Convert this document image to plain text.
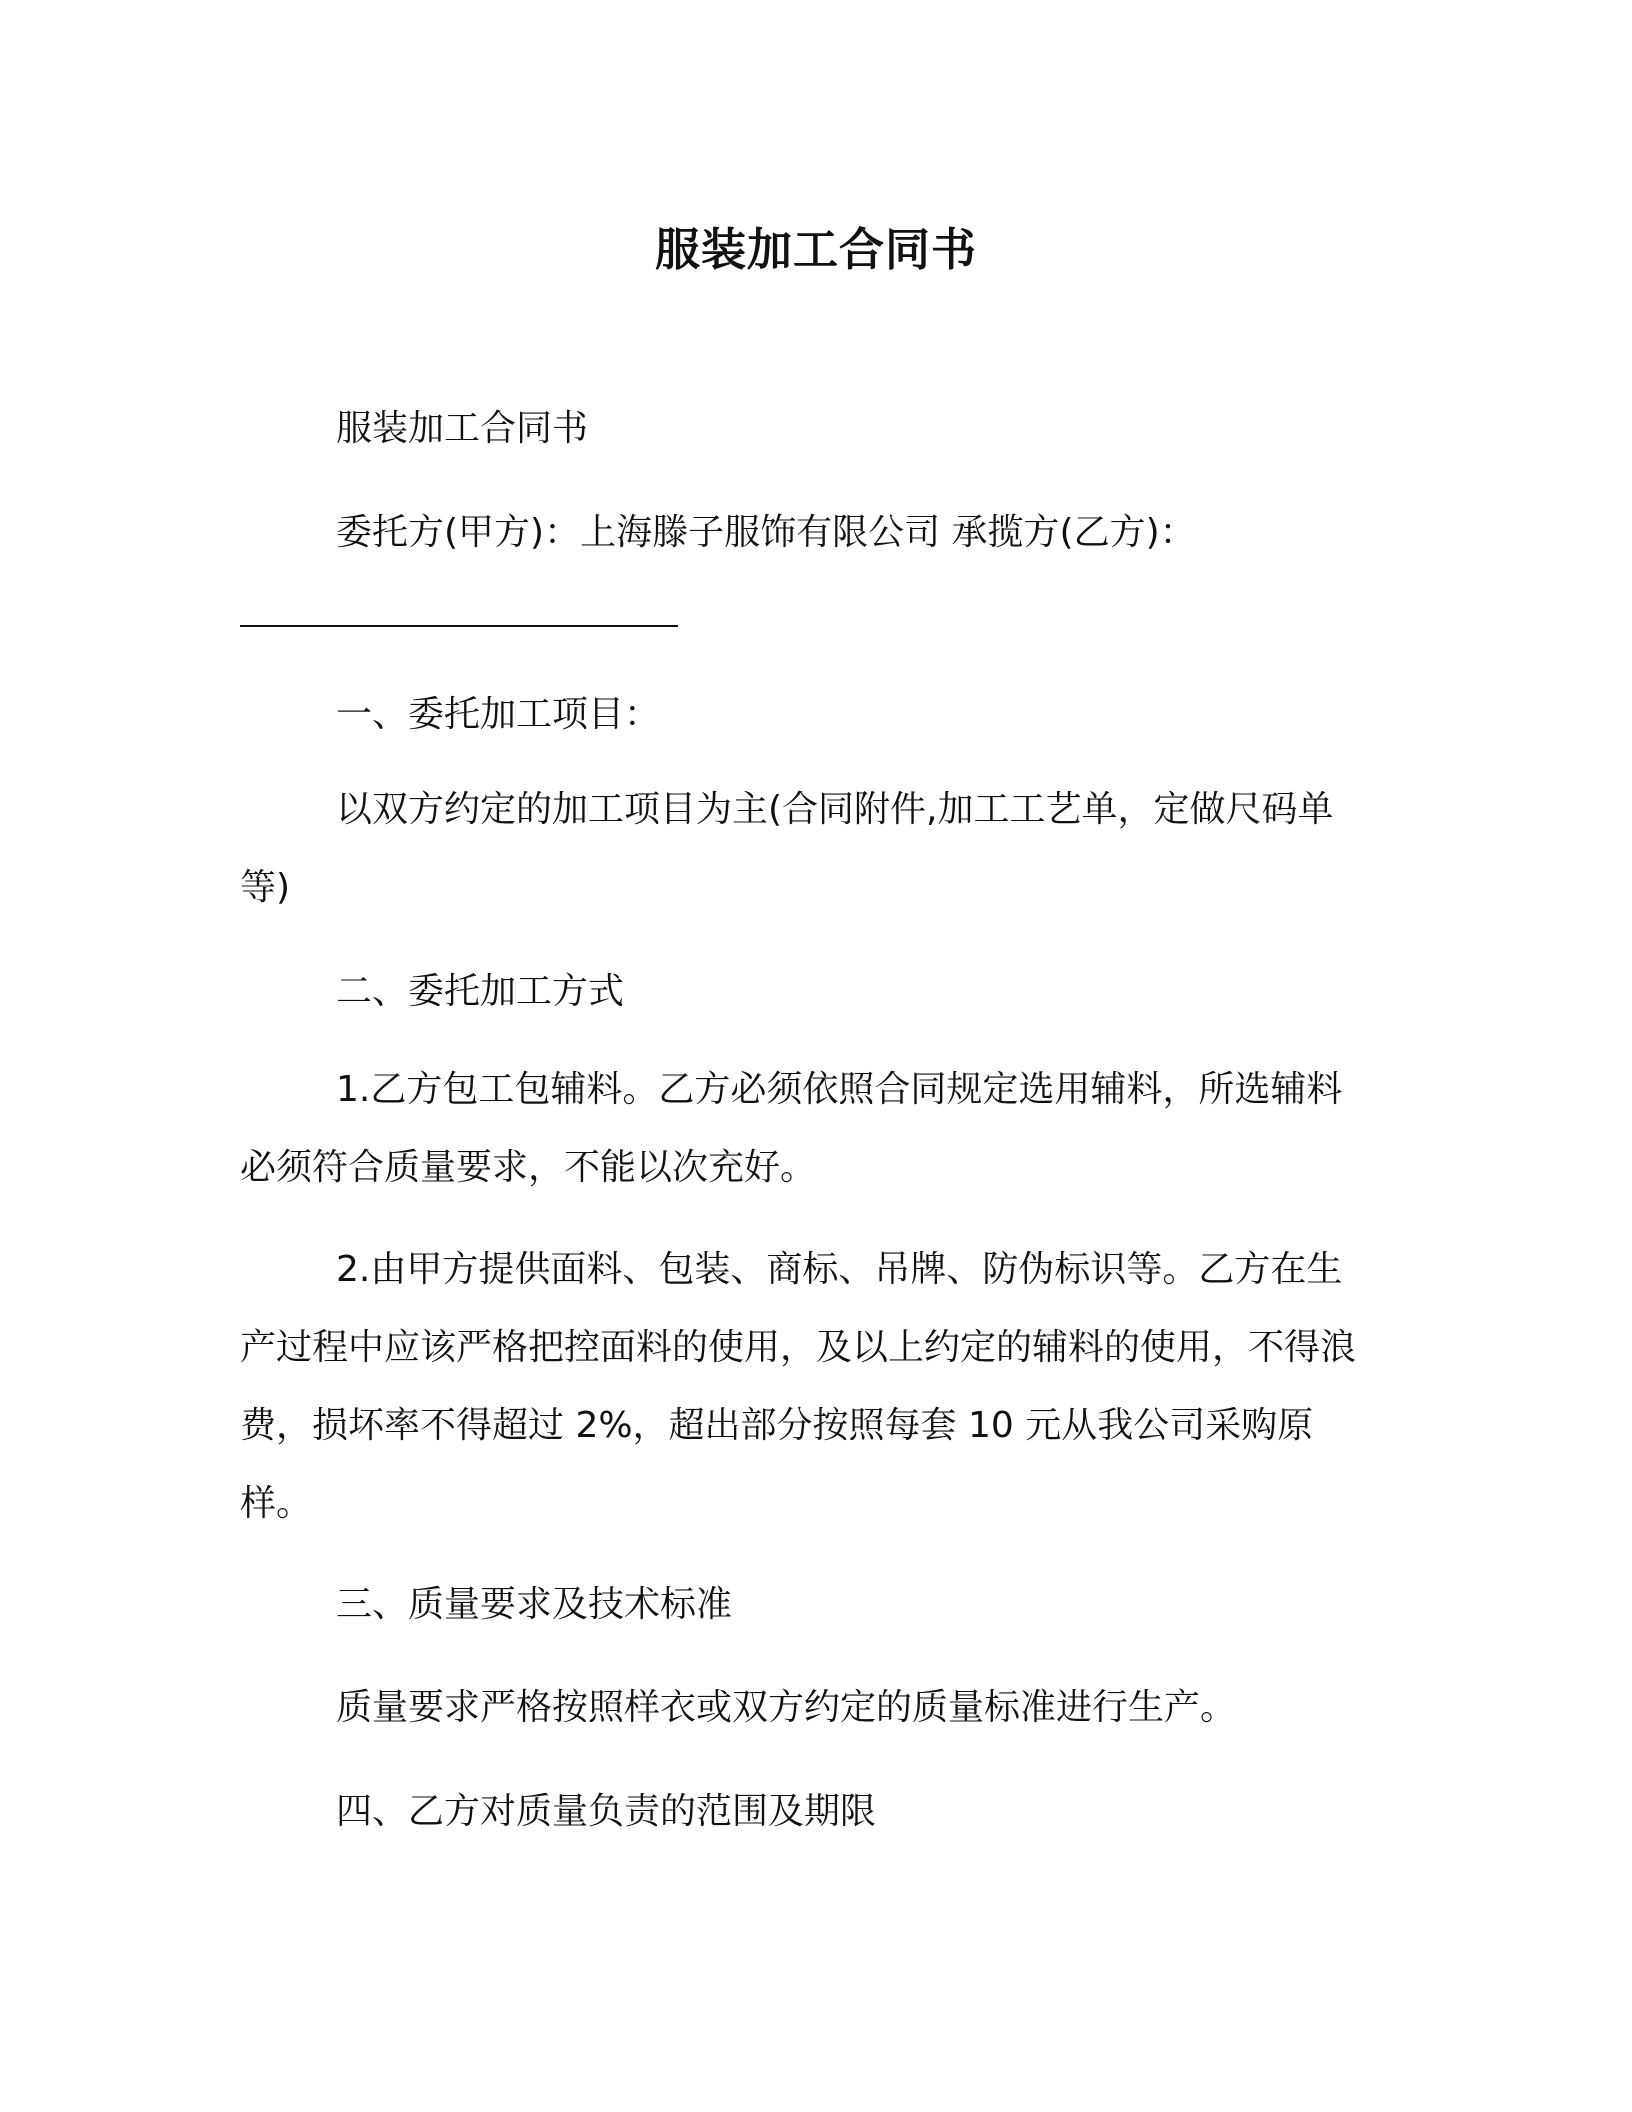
服装加工合同书
服装加工合同书
委托方(甲方)：上海滕子服饰有限公司 承揽方(乙方)：
一、委托加工项目：
以双方约定的加工项目为主(合同附件,加工工艺单，定做尺码单等)
二、委托加工方式
1.乙方包工包辅料。乙方必须依照合同规定选用辅料，所选辅料必须符合质量要求，不能以次充好。
2.由甲方提供面料、包装、商标、吊牌、防伪标识等。乙方在生产过程中应该严格把控面料的使用，及以上约定的辅料的使用，不得浪费，损坏率不得超过 2%，超出部分按照每套 10 元从我公司采购原样。
三、质量要求及技术标准
质量要求严格按照样衣或双方约定的质量标准进行生产。
四、乙方对质量负责的范围及期限
